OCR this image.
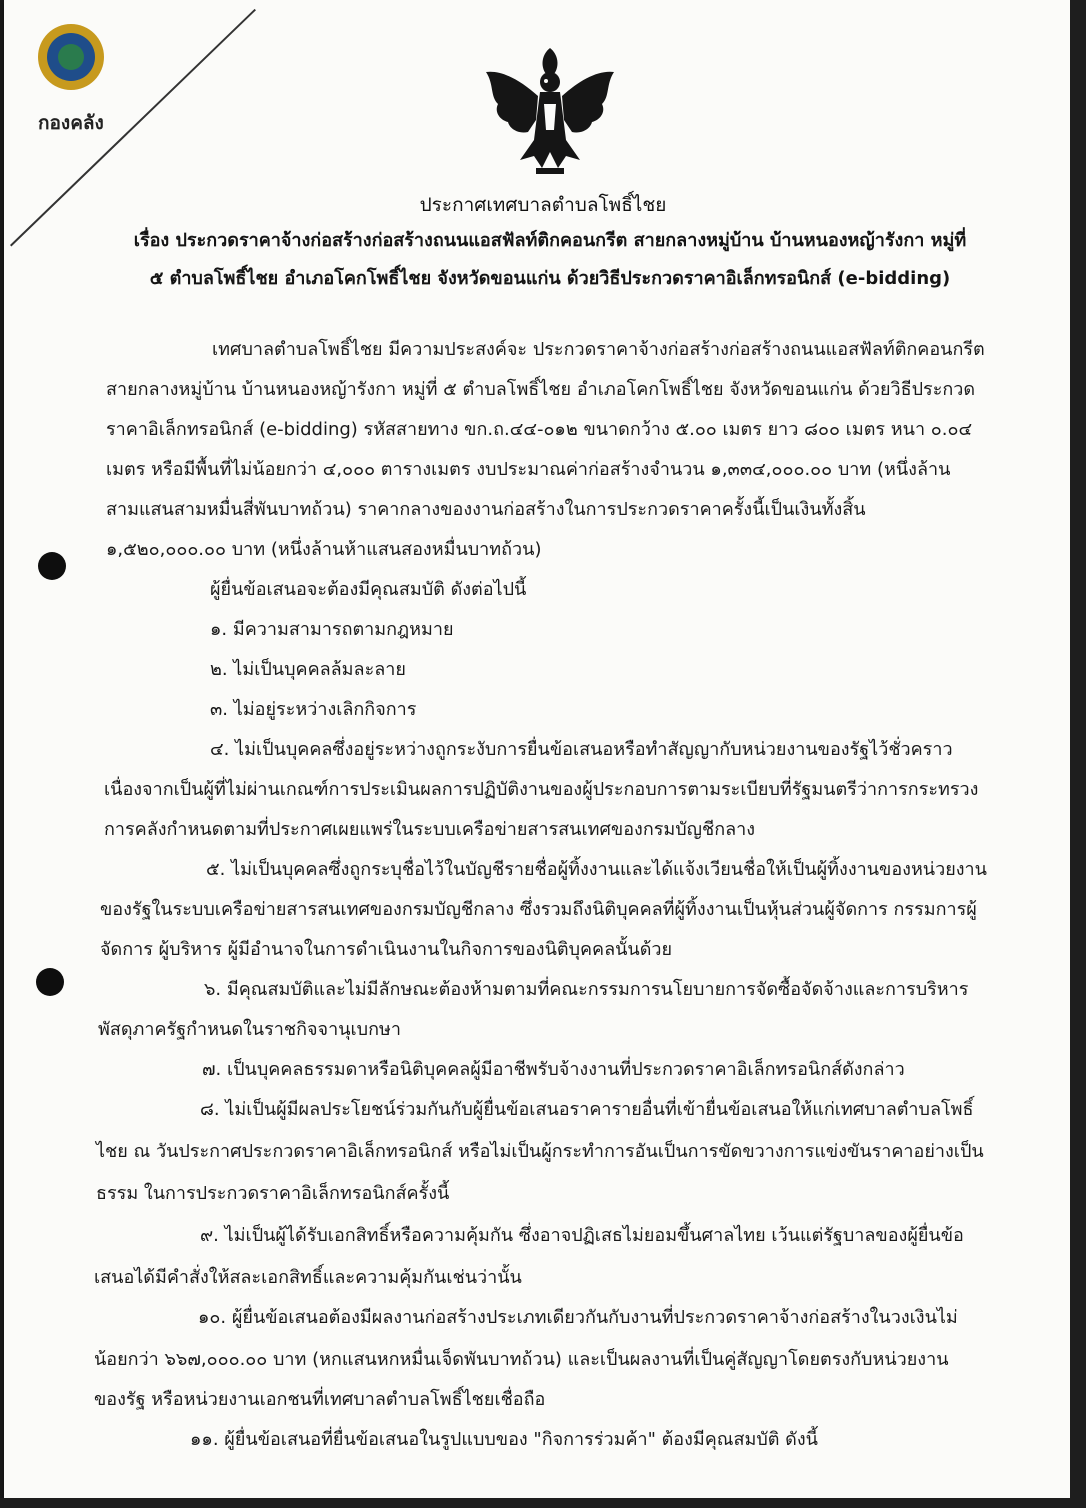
กองคลัง
ประกาศเทศบาลตำบลโพธิ์ไชย
เรื่อง ประกวดราคาจ้างก่อสร้างก่อสร้างถนนแอสฟัลท์ติกคอนกรีต สายกลางหมู่บ้าน บ้านหนองหญ้ารังกา หมู่ที่
๕ ตำบลโพธิ์ไชย อำเภอโคกโพธิ์ไชย จังหวัดขอนแก่น ด้วยวิธีประกวดราคาอิเล็กทรอนิกส์ (e-bidding)
เทศบาลตำบลโพธิ์ไชย มีความประสงค์จะ ประกวดราคาจ้างก่อสร้างก่อสร้างถนนแอสฟัลท์ติกคอนกรีต
สายกลางหมู่บ้าน บ้านหนองหญ้ารังกา หมู่ที่ ๕ ตำบลโพธิ์ไชย อำเภอโคกโพธิ์ไชย จังหวัดขอนแก่น ด้วยวิธีประกวด
ราคาอิเล็กทรอนิกส์ (e-bidding) รหัสสายทาง ขก.ถ.๔๔-๐๑๒ ขนาดกว้าง ๕.๐๐ เมตร ยาว ๘๐๐ เมตร หนา ๐.๐๔
เมตร หรือมีพื้นที่ไม่น้อยกว่า ๔,๐๐๐ ตารางเมตร งบประมาณค่าก่อสร้างจำนวน ๑,๓๓๔,๐๐๐.๐๐ บาท (หนึ่งล้าน
สามแสนสามหมื่นสี่พันบาทถ้วน) ราคากลางของงานก่อสร้างในการประกวดราคาครั้งนี้เป็นเงินทั้งสิ้น
๑,๕๒๐,๐๐๐.๐๐ บาท (หนึ่งล้านห้าแสนสองหมื่นบาทถ้วน)
ผู้ยื่นข้อเสนอจะต้องมีคุณสมบัติ ดังต่อไปนี้
๑. มีความสามารถตามกฎหมาย
๒. ไม่เป็นบุคคลล้มละลาย
๓. ไม่อยู่ระหว่างเลิกกิจการ
๔. ไม่เป็นบุคคลซึ่งอยู่ระหว่างถูกระงับการยื่นข้อเสนอหรือทำสัญญากับหน่วยงานของรัฐไว้ชั่วคราว
เนื่องจากเป็นผู้ที่ไม่ผ่านเกณฑ์การประเมินผลการปฏิบัติงานของผู้ประกอบการตามระเบียบที่รัฐมนตรีว่าการกระทรวง
การคลังกำหนดตามที่ประกาศเผยแพร่ในระบบเครือข่ายสารสนเทศของกรมบัญชีกลาง
๕. ไม่เป็นบุคคลซึ่งถูกระบุชื่อไว้ในบัญชีรายชื่อผู้ทิ้งงานและได้แจ้งเวียนชื่อให้เป็นผู้ทิ้งงานของหน่วยงาน
ของรัฐในระบบเครือข่ายสารสนเทศของกรมบัญชีกลาง ซึ่งรวมถึงนิติบุคคลที่ผู้ทิ้งงานเป็นหุ้นส่วนผู้จัดการ กรรมการผู้
จัดการ ผู้บริหาร ผู้มีอำนาจในการดำเนินงานในกิจการของนิติบุคคลนั้นด้วย
๖. มีคุณสมบัติและไม่มีลักษณะต้องห้ามตามที่คณะกรรมการนโยบายการจัดซื้อจัดจ้างและการบริหาร
พัสดุภาครัฐกำหนดในราชกิจจานุเบกษา
๗. เป็นบุคคลธรรมดาหรือนิติบุคคลผู้มีอาชีพรับจ้างงานที่ประกวดราคาอิเล็กทรอนิกส์ดังกล่าว
๘. ไม่เป็นผู้มีผลประโยชน์ร่วมกันกับผู้ยื่นข้อเสนอราคารายอื่นที่เข้ายื่นข้อเสนอให้แก่เทศบาลตำบลโพธิ์
ไชย ณ วันประกาศประกวดราคาอิเล็กทรอนิกส์ หรือไม่เป็นผู้กระทำการอันเป็นการขัดขวางการแข่งขันราคาอย่างเป็น
ธรรม ในการประกวดราคาอิเล็กทรอนิกส์ครั้งนี้
๙. ไม่เป็นผู้ได้รับเอกสิทธิ์หรือความคุ้มกัน ซึ่งอาจปฏิเสธไม่ยอมขึ้นศาลไทย เว้นแต่รัฐบาลของผู้ยื่นข้อ
เสนอได้มีคำสั่งให้สละเอกสิทธิ์และความคุ้มกันเช่นว่านั้น
๑๐. ผู้ยื่นข้อเสนอต้องมีผลงานก่อสร้างประเภทเดียวกันกับงานที่ประกวดราคาจ้างก่อสร้างในวงเงินไม่
น้อยกว่า ๖๖๗,๐๐๐.๐๐ บาท (หกแสนหกหมื่นเจ็ดพันบาทถ้วน) และเป็นผลงานที่เป็นคู่สัญญาโดยตรงกับหน่วยงาน
ของรัฐ หรือหน่วยงานเอกชนที่เทศบาลตำบลโพธิ์ไชยเชื่อถือ
๑๑. ผู้ยื่นข้อเสนอที่ยื่นข้อเสนอในรูปแบบของ "กิจการร่วมค้า" ต้องมีคุณสมบัติ ดังนี้
